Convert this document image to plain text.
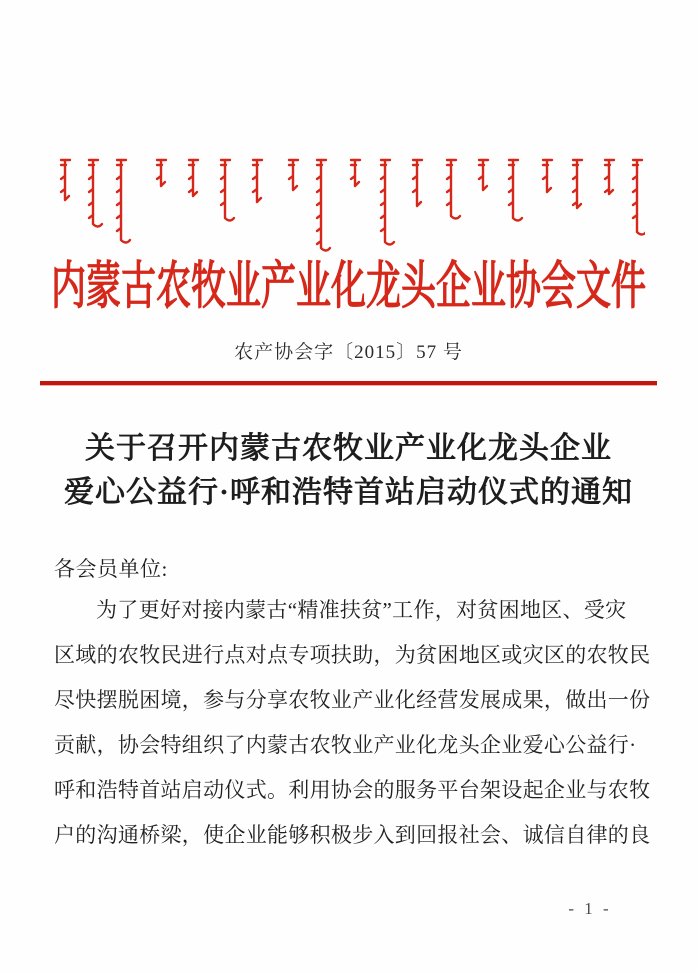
内蒙古农牧业产业化龙头企业协会文件
农产协会字〔2015〕57 号
关于召开内蒙古农牧业产业化龙头企业
爱心公益行·呼和浩特首站启动仪式的通知
各会员单位:
为了更好对接内蒙古“精准扶贫”工作，对贫困地区、受灾
区域的农牧民进行点对点专项扶助，为贫困地区或灾区的农牧民
尽快摆脱困境，参与分享农牧业产业化经营发展成果，做出一份
贡献，协会特组织了内蒙古农牧业产业化龙头企业爱心公益行·
呼和浩特首站启动仪式。利用协会的服务平台架设起企业与农牧
户的沟通桥梁，使企业能够积极步入到回报社会、诚信自律的良
- 1 -
